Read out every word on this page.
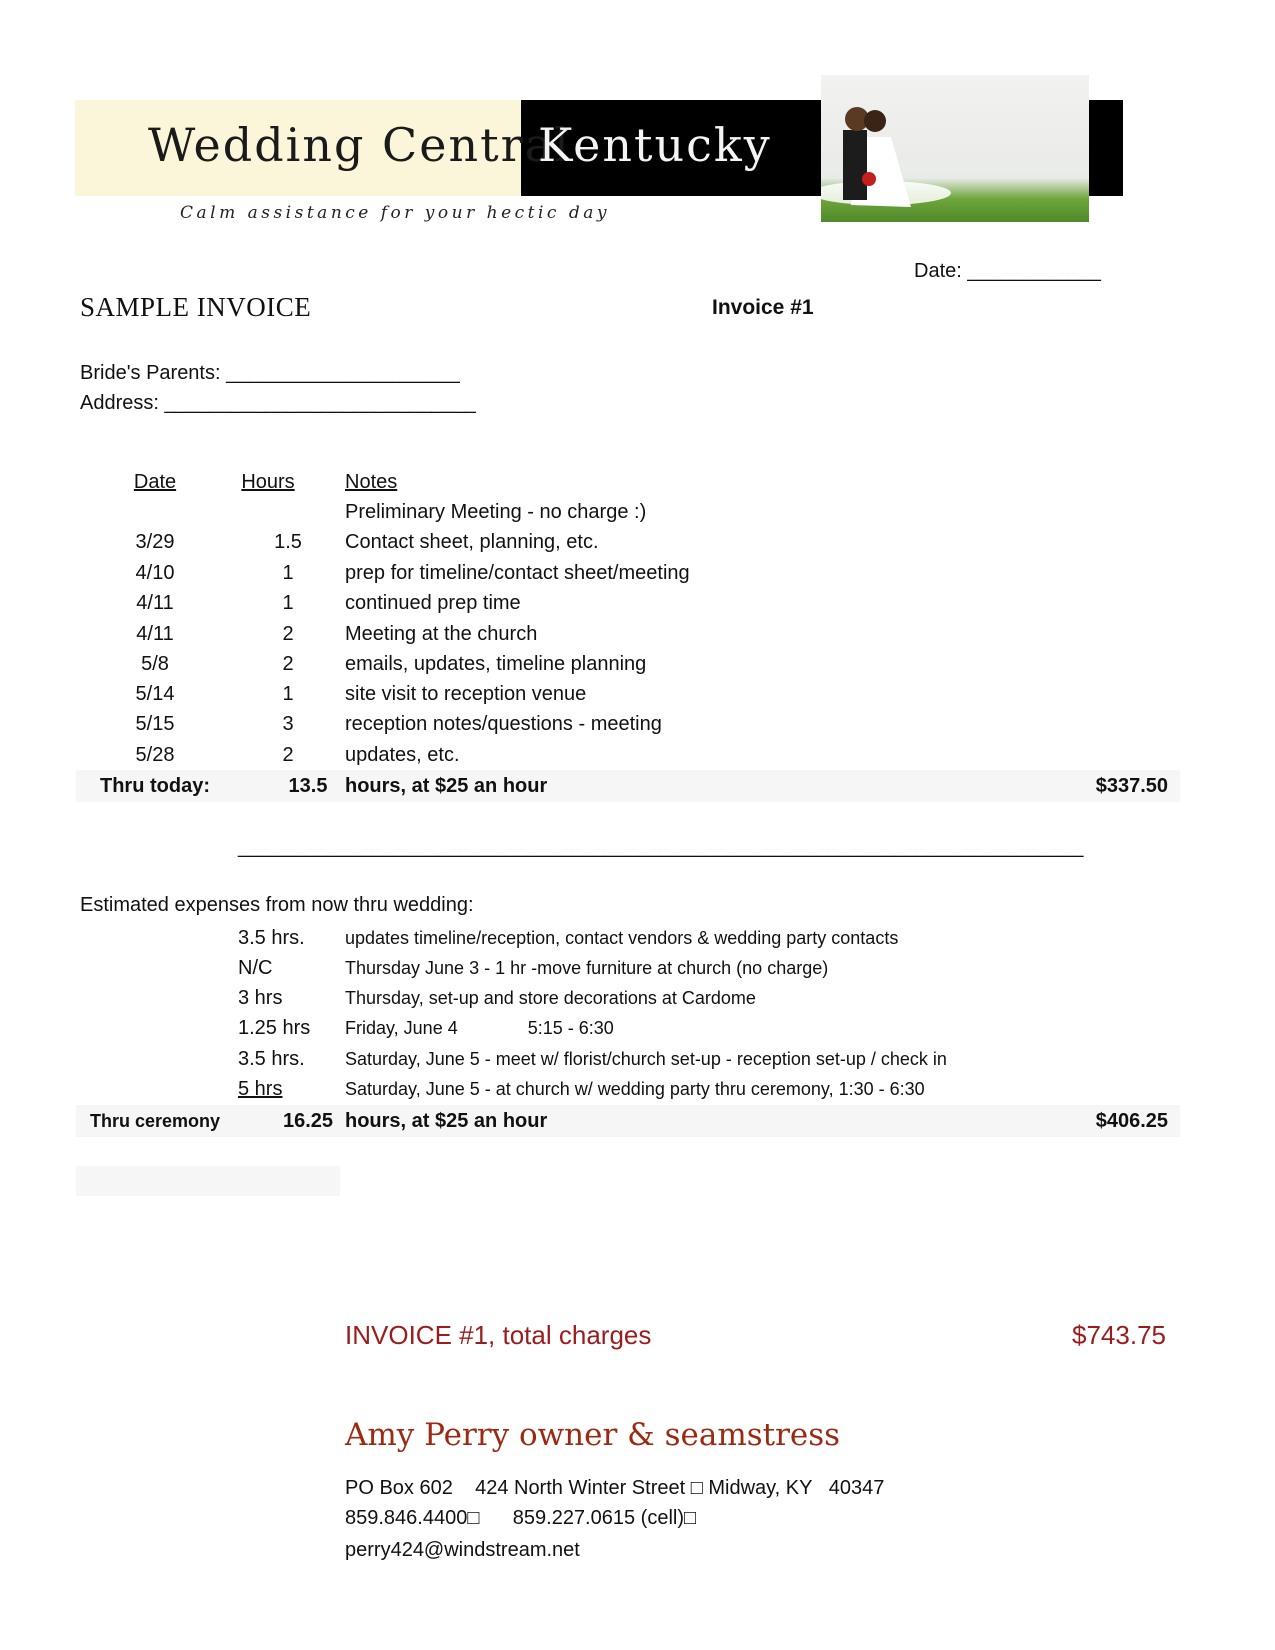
Wedding Central
Kentucky
Calm assistance for your hectic day
Date: ____________
SAMPLE INVOICE	Invoice #1
Bride's Parents: _____________________
Address: ____________________________
Date	Hours	Notes
Preliminary Meeting - no charge :)
3/29	1.5	Contact sheet, planning, etc.
4/10	1	prep for timeline/contact sheet/meeting
4/11	1	continued prep time
4/11	2	Meeting at the church
5/8	2	emails, updates, timeline planning
5/14	1	site visit to reception venue
5/15	3	reception notes/questions - meeting
5/28	2	updates, etc.
Thru today:	13.5 hours, at $25 an hour	$337.50
____________________________________________________________________________
Estimated expenses from now thru wedding:
3.5 hrs. updates timeline/reception, contact vendors & wedding party contacts
N/C	Thursday June 3 - 1 hr -move furniture at church (no charge)
3 hrs	Thursday, set-up and store decorations at Cardome
1.25 hrs Friday, June 4              5:15 - 6:30
3.5 hrs. Saturday, June 5 - meet w/ florist/church set-up - reception set-up / check in
5 hrs	Saturday, June 5 - at church w/ wedding party thru ceremony, 1:30 - 6:30
Thru ceremony	16.25 hours, at $25 an hour	$406.25
INVOICE #1, total charges	$743.75
Amy Perry owner & seamstress
PO Box 602    424 North Winter Street □ Midway, KY   40347
859.846.4400□      859.227.0615 (cell)□
perry424@windstream.net
